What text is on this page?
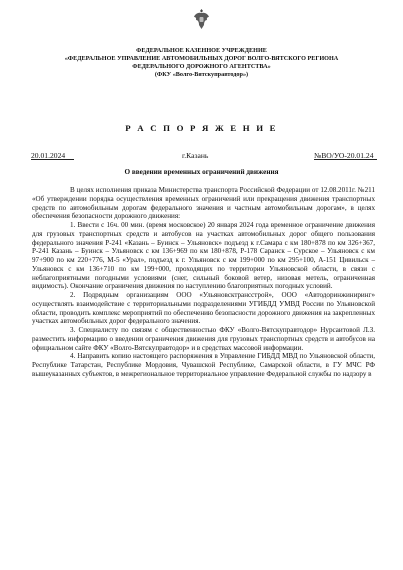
ФЕДЕРАЛЬНОЕ КАЗЕННОЕ УЧРЕЖДЕНИЕ
«ФЕДЕРАЛЬНОЕ УПРАВЛЕНИЕ АВТОМОБИЛЬНЫХ ДОРОГ ВОЛГО-ВЯТСКОГО РЕГИОНА
ФЕДЕРАЛЬНОГО ДОРОЖНОГО АГЕНТСТВА»
(ФКУ «Волго-Вятскуправтодор»)
Р А С П О Р Я Ж Е Н И Е
20.01.2024	г.Казань	№ВО/УО-20.01.24
О введении временных ограничений движения

В целях исполнения приказа Министерства транспорта Российской Федерации от 12.08.2011г. №211 «Об утверждении порядка осуществления временных ограничений или прекращения движения транспортных средств по автомобильным дорогам федерального значения и частным автомобильным дорогам», в целях обеспечения безопасности дорожного движения:

1. Ввести с 16ч. 00 мин. (время московское) 20 января 2024 года временное ограничение движения для грузовых транспортных средств и автобусов на участках автомобильных дорог общего пользования федерального значения Р-241 «Казань – Буинск – Ульяновск» подъезд к г.Самара с км 180+878 по км 326+367, Р-241 Казань – Буинск – Ульяновск с км 136+969 по км 180+878, Р-178 Саранск – Сурское – Ульяновск с км 97+900 по км 220+776, М-5 «Урал», подъезд к г. Ульяновск с км 199+000 по км 295+100, А-151 Цивильск – Ульяновск с км 136+710 по км 199+000, проходящих по территории Ульяновской области, в связи с неблагоприятными погодными условиями (снег, сильный боковой ветер, низовая метель, ограниченная видимость). Окончание ограничения движения по наступлению благоприятных погодных условий.

2. Подрядным организациям ООО «Ульяновсктрансстрой», ООО «Автодоринжиниринг» осуществлять взаимодействие с территориальными подразделениями УГИБДД УМВД России по Ульяновской области, проводить комплекс мероприятий по обеспечению безопасности дорожного движения на закрепленных участках автомобильных дорог федерального значения.

3. Специалисту по связям с общественностью ФКУ «Волго-Вятскуправтодор» Нурсаитовой Л.З. разместить информацию о введении ограничения движения для грузовых транспортных средств и автобусов на официальном сайте ФКУ «Волго-Вятскуправтодор» и в средствах массовой информации.

4. Направить копию настоящего распоряжения в Управление ГИБДД МВД по Ульяновской области, Республике Татарстан, Республике Мордовия, Чувашской Республике, Самарской области, в ГУ МЧС РФ вышеуказанных субъектов, в межрегиональное территориальное управление Федеральной службы по надзору в
